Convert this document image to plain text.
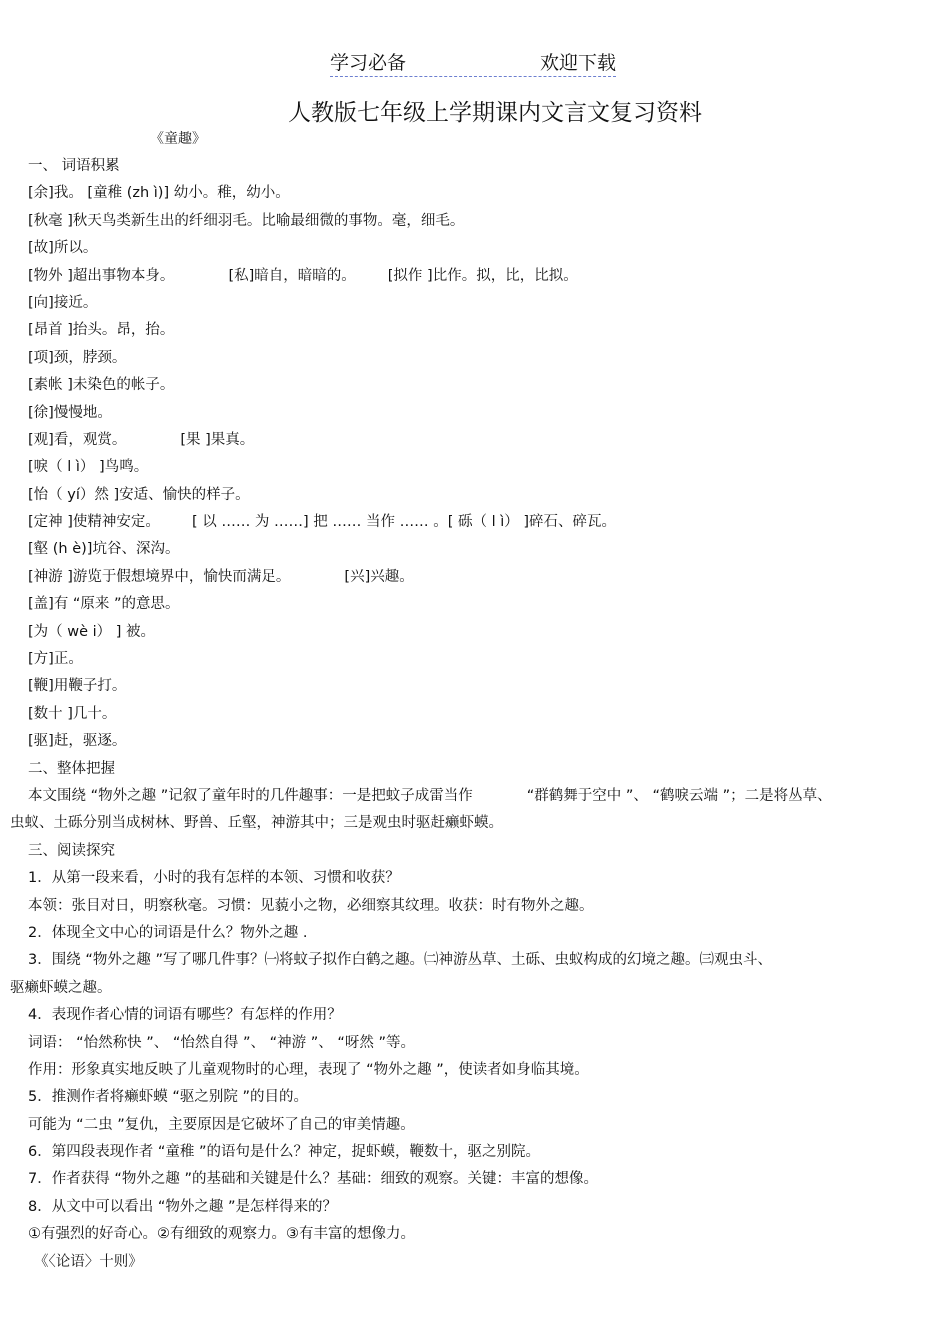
学习必备	欢迎下载
人教版七年级上学期课内文言文复习资料
《童趣》
一、 词语积累
[余]我。 [童稚 (zh ì)] 幼小。稚，幼小。
[秋毫 ]秋天鸟类新生出的纤细羽毛。比喻最细微的事物。毫，细毛。
[故]所以。
[物外 ]超出事物本身。	[私]暗自，暗暗的。 [拟作 ]比作。拟，比，比拟。
[向]接近。
[昂首 ]抬头。昂，抬。
[项]颈，脖颈。
[素帐 ]未染色的帐子。
[徐]慢慢地。
[观]看，观赏。	[果 ]果真。
[唳（ l ì） ]鸟鸣。
[怡（ yí）然 ]安适、愉快的样子。
[定神 ]使精神安定。 [ 以 …… 为 ……] 把 …… 当作 …… 。[ 砾（ l ì） ]碎石、碎瓦。
[壑 (h è)]坑谷、深沟。
[神游 ]游览于假想境界中，愉快而满足。	[兴]兴趣。
[盖]有 “原来 ”的意思。
[为（ wè i） ] 被。
[方]正。
[鞭]用鞭子打。
[数十 ]几十。
[驱]赶，驱逐。
二、整体把握
本文围绕 “物外之趣 ”记叙了童年时的几件趣事：一是把蚊子成雷当作	“群鹤舞于空中 ”、 “鹤唳云端 ”；二是将丛草、
虫蚁、土砾分别当成树林、野兽、丘壑，神游其中；三是观虫时驱赶癞虾蟆。
三、阅读探究
1．从第一段来看，小时的我有怎样的本领、习惯和收获？
本领：张目对日，明察秋毫。习惯：见藐小之物，必细察其纹理。收获：时有物外之趣。
2．体现全文中心的词语是什么？物外之趣 .
3．围绕 “物外之趣 ”写了哪几件事？㈠将蚊子拟作白鹤之趣。㈡神游丛草、土砾、虫蚁构成的幻境之趣。㈢观虫斗、
驱癞虾蟆之趣。
4．表现作者心情的词语有哪些？有怎样的作用？
词语： “怡然称快 ”、 “怡然自得 ”、 “神游 ”、 “呀然 ”等。
作用：形象真实地反映了儿童观物时的心理，表现了 “物外之趣 ”，使读者如身临其境。
5．推测作者将癞虾蟆 “驱之别院 ”的目的。
可能为 “二虫 ”复仇，主要原因是它破坏了自己的审美情趣。
6．第四段表现作者 “童稚 ”的语句是什么？神定，捉虾蟆，鞭数十，驱之别院。
7．作者获得 “物外之趣 ”的基础和关键是什么？基础：细致的观察。关键：丰富的想像。
8．从文中可以看出 “物外之趣 ”是怎样得来的？
①有强烈的好奇心。②有细致的观察力。③有丰富的想像力。
《〈论语〉十则》
